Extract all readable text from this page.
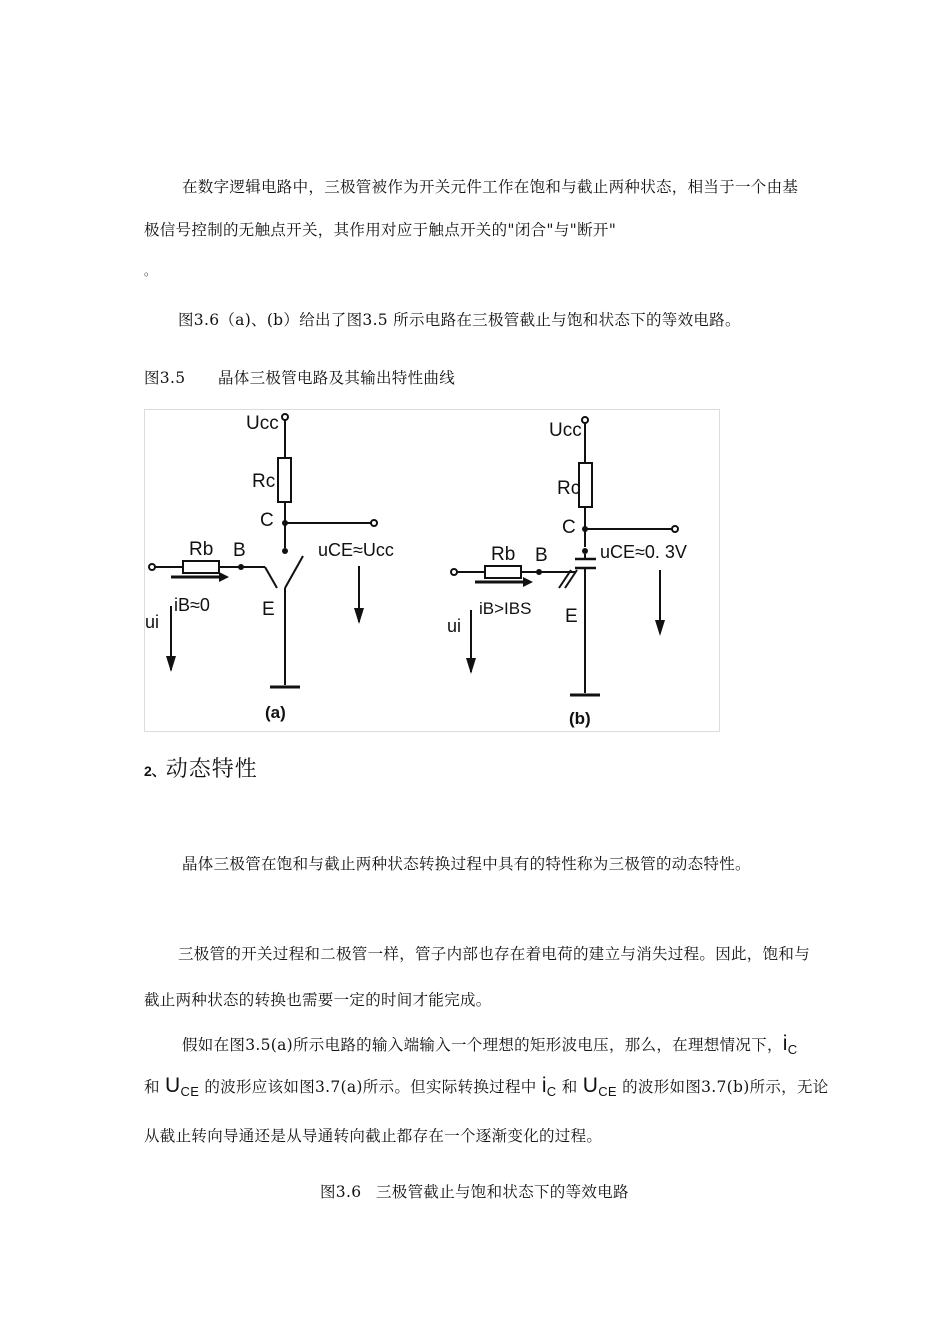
在数字逻辑电路中，三极管被作为开关元件工作在饱和与截止两种状态，相当于一个由基
极信号控制的无触点开关，其作用对应于触点开关的"闭合"与"断开"
。
图3.6（a)、(b）给出了图3.5 所示电路在三极管截止与饱和状态下的等效电路。
图3.5 晶体三极管电路及其输出特性曲线
Ucc
Rc
C
Rb B
E
uCE≈Ucc
iB≈0
ui
(a)
Ucc
Rc
C
Rb B
E
uCE≈0. 3V
iB>IBS
ui
(b)
2、动态特性
晶体三极管在饱和与截止两种状态转换过程中具有的特性称为三极管的动态特性。
三极管的开关过程和二极管一样，管子内部也存在着电荷的建立与消失过程。因此，饱和与
截止两种状态的转换也需要一定的时间才能完成。
假如在图3.5(a)所示电路的输入端输入一个理想的矩形波电压，那么，在理想情况下，$i_C$
和 $U_{CE}$ 的波形应该如图3.7(a)所示。但实际转换过程中 $i_C$ 和 $U_{CE}$ 的波形如图3.7(b)所示，无论
从截止转向导通还是从导通转向截止都存在一个逐渐变化的过程。
图3.6 三极管截止与饱和状态下的等效电路
